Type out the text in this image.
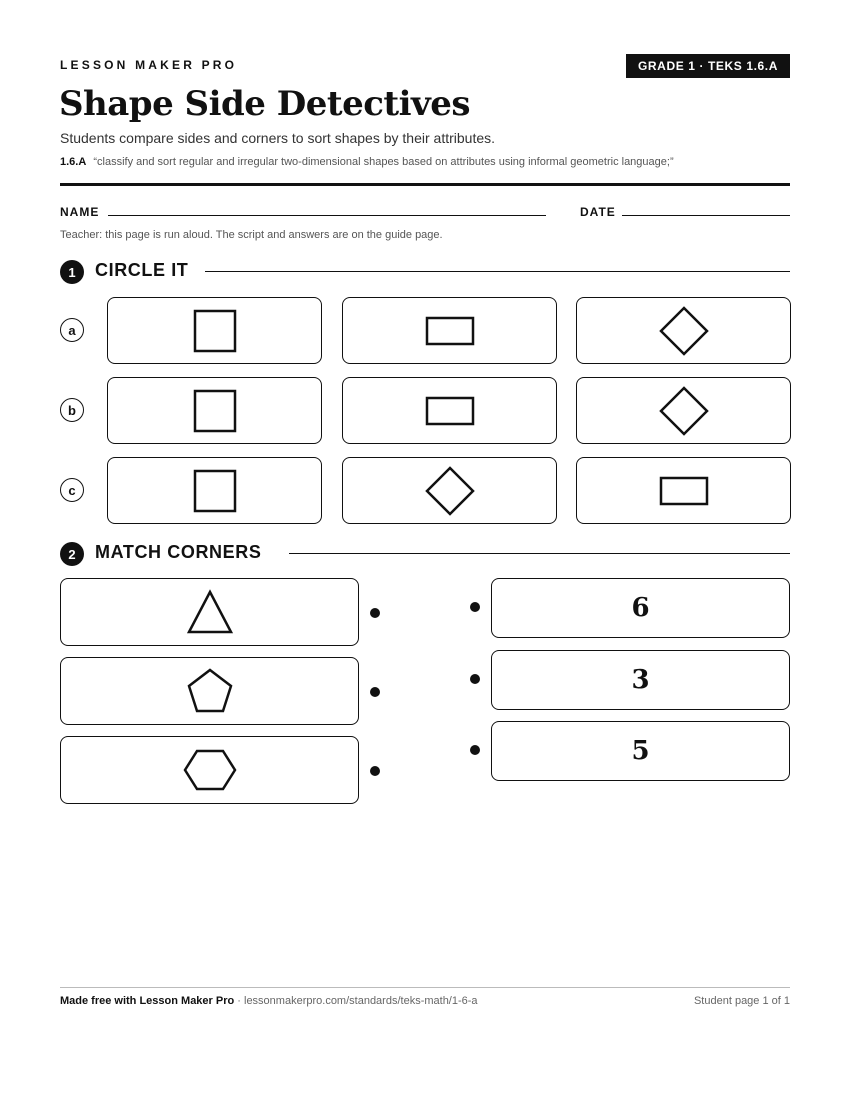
LESSON MAKER PRO	GRADE 1 · TEKS 1.6.A
Shape Side Detectives
Students compare sides and corners to sort shapes by their attributes.
1.6.A “classify and sort regular and irregular two-dimensional shapes based on attributes using informal geometric language;”
NAME	DATE
Teacher: this page is run aloud. The script and answers are on the guide page.
1	CIRCLE IT
a
b
c
2	MATCH CORNERS
6
3
5
Made free with Lesson Maker Pro · lessonmakerpro.com/standards/teks-math/1-6-a	Student page 1 of 1
